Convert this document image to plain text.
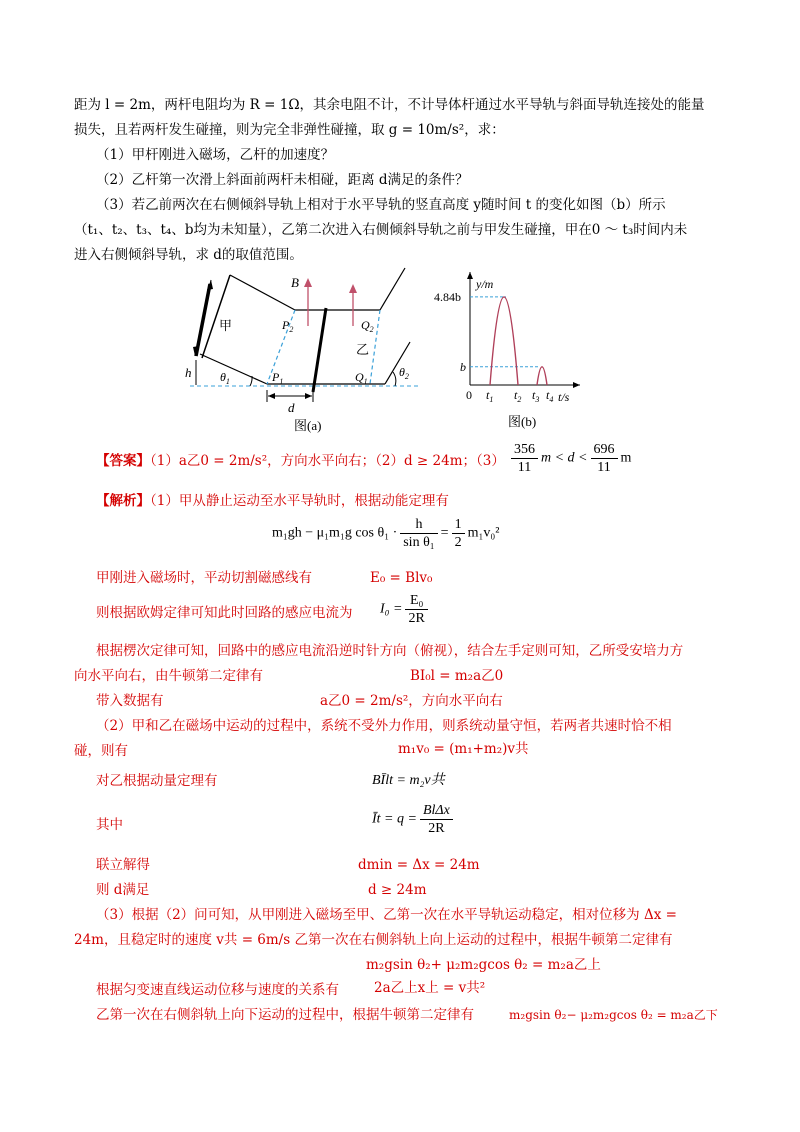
距为 l = 2m，两杆电阻均为 R = 1Ω，其余电阻不计，不计导体杆通过水平导轨与斜面导轨连接处的能量
损失，且若两杆发生碰撞，则为完全非弹性碰撞，取 g = 10m/s²，求：
（1）甲杆刚进入磁场，乙杆的加速度？
（2）乙杆第一次滑上斜面前两杆未相碰，距离 d满足的条件？
（3）若乙前两次在右侧倾斜导轨上相对于水平导轨的竖直高度 y随时间 t 的变化如图（b）所示
（t₁、t₂、t₃、t₄、b均为未知量），乙第二次进入右侧倾斜导轨之前与甲发生碰撞，甲在0 ～ t₃时间内未
进入右侧倾斜导轨，求 d的取值范围。
B
l
甲
乙
h
d
$P_2$
$P_1$
$Q_2$
$Q_1$
$\theta_1$
$\theta_2$
图(a)
y/m
t/s
4.84b
b
0 $t_1$ $t_2$ $t_3$ $t_4$
图(b)
【答案】（1）a乙0 = 2m/s²，方向水平向右；（2）d ≥ 24m；$(3) \frac{356}{11}$ $m < d < \frac{696}{11}$ m
【解析】（1）甲从静止运动至水平导轨时，根据动能定理有
m₁gh − μ₁m₁g $\cos \theta_1 \cdot \frac{h}{\text{sin θ₁}} = \frac{1}{2} m_1v_0^2$
甲刚进入磁场时，平动切割磁感线有	E₀ = Blv₀
则根据欧姆定律可知此时回路的感应电流为 $I_0 = \frac{\text{E₀}}{2R}$
根据楞次定律可知，回路中的感应电流沿逆时针方向（俯视），结合左手定则可知，乙所受安培力方
向水平向右，由牛顿第二定律有	BI₀l = m₂a乙0
带入数据有	a乙0 = 2m/s²，方向水平向右
（2）甲和乙在磁场中运动的过程中，系统不受外力作用，则系统动量守恒，若两者共速时恰不相
碰，则有	m₁v₀ = (m₁+m₂)v共
对乙根据动量定理有	BĪlt = m₂v共
其中	Īt = $q = \frac{\text{BlΔx}}{2R}$
联立解得	dmin = Δx = 24m
则 d满足	d ≥ 24m
（3）根据（2）问可知，从甲刚进入磁场至甲、乙第一次在水平导轨运动稳定，相对位移为 Δx =
24m，且稳定时的速度 v共 = 6m/s 乙第一次在右侧斜轨上向上运动的过程中，根据牛顿第二定律有
m₂gsin θ₂+ μ₂m₂gcos θ₂ = m₂a乙上
根据匀变速直线运动位移与速度的关系有	2a乙上x上 = v共²
乙第一次在右侧斜轨上向下运动的过程中，根据牛顿第二定律有	m₂gsin θ₂− μ₂m₂gcos θ₂ = m₂a乙下
